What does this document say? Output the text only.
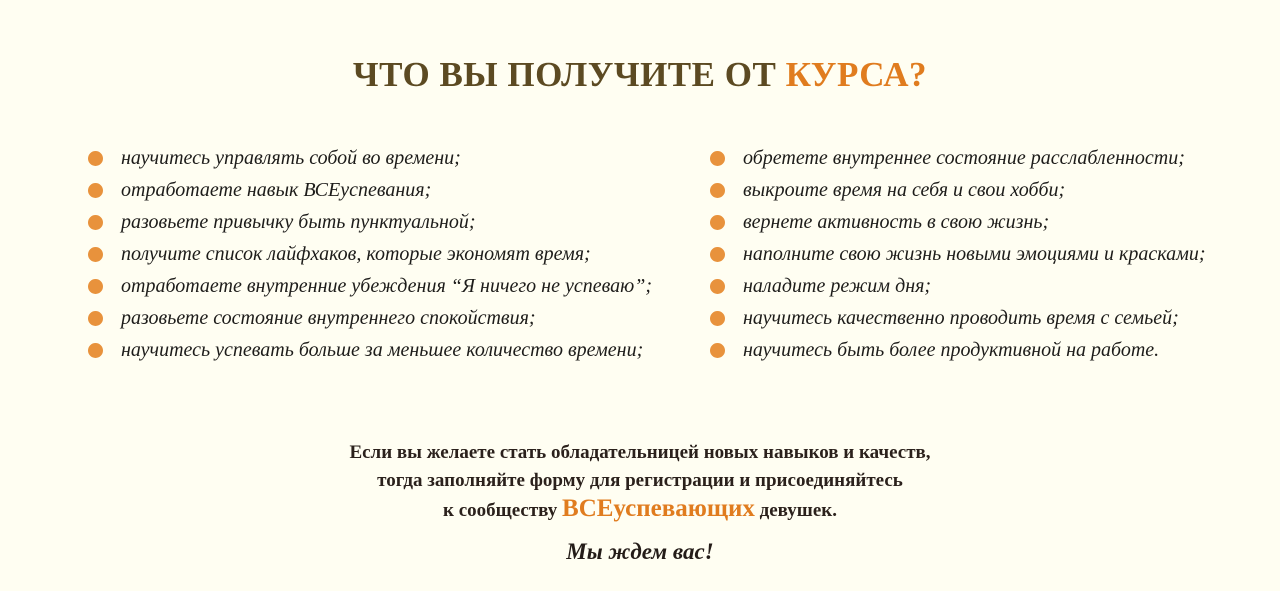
ЧТО ВЫ ПОЛУЧИТЕ ОТ КУРСА?
научитесь управлять собой во времени;
отработаете навык ВСЕуспевания;
разовьете привычку быть пунктуальной;
получите список лайфхаков, которые экономят время;
отработаете внутренние убеждения “Я ничего не успеваю”;
разовьете состояние внутреннего спокойствия;
научитесь успевать больше за меньшее количество времени;
обретете внутреннее состояние расслабленности;
выкроите время на себя и свои хобби;
вернете активность в свою жизнь;
наполните свою жизнь новыми эмоциями и красками;
наладите режим дня;
научитесь качественно проводить время с семьей;
научитесь быть более продуктивной на работе.
Если вы желаете стать обладательницей новых навыков и качеств,
тогда заполняйте форму для регистрации и присоединяйтесь
к сообществу ВСЕуспевающих девушек.
Мы ждем вас!
